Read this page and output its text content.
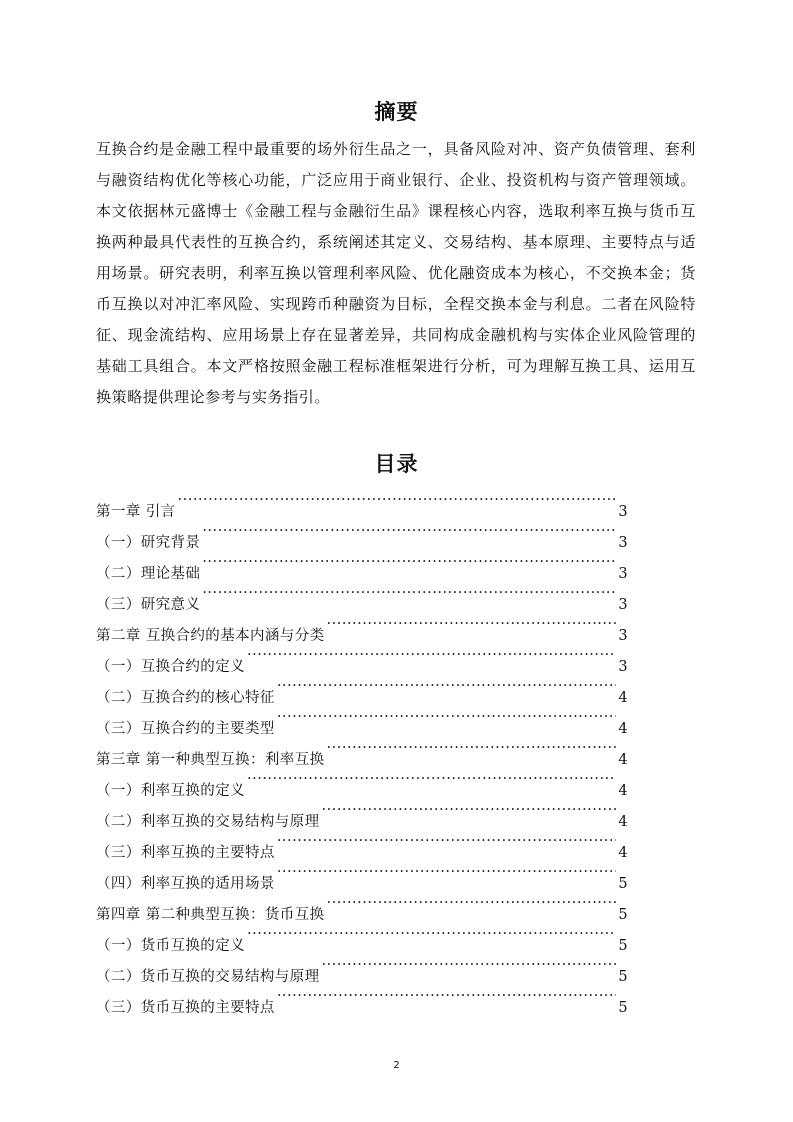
摘要

互换合约是金融工程中最重要的场外衍生品之一，具备风险对冲、资产负债管理、套利与融资结构优化等核心功能，广泛应用于商业银行、企业、投资机构与资产管理领域。本文依据林元盛博士《金融工程与金融衍生品》课程核心内容，选取利率互换与货币互换两种最具代表性的互换合约，系统阐述其定义、交易结构、基本原理、主要特点与适用场景。研究表明，利率互换以管理利率风险、优化融资成本为核心，不交换本金；货币互换以对冲汇率风险、实现跨币种融资为目标，全程交换本金与利息。二者在风险特征、现金流结构、应用场景上存在显著差异，共同构成金融机构与实体企业风险管理的基础工具组合。本文严格按照金融工程标准框架进行分析，可为理解互换工具、运用互换策略提供理论参考与实务指引。

目录
第一章 引言 ·····	3
（一）研究背景 ·····	3
（二）理论基础 ·····	3
（三）研究意义 ·····	3
第二章 互换合约的基本内涵与分类 ·····	3
（一）互换合约的定义 ·····	3
（二）互换合约的核心特征 ·····	4
（三）互换合约的主要类型 ·····	4
第三章 第一种典型互换：利率互换 ·····	4
（一）利率互换的定义 ·····	4
（二）利率互换的交易结构与原理 ·····	4
（三）利率互换的主要特点 ·····	4
（四）利率互换的适用场景 ·····	5
第四章 第二种典型互换：货币互换 ·····	5
（一）货币互换的定义 ·····	5
（二）货币互换的交易结构与原理 ·····	5
（三）货币互换的主要特点 ·····	5
2
